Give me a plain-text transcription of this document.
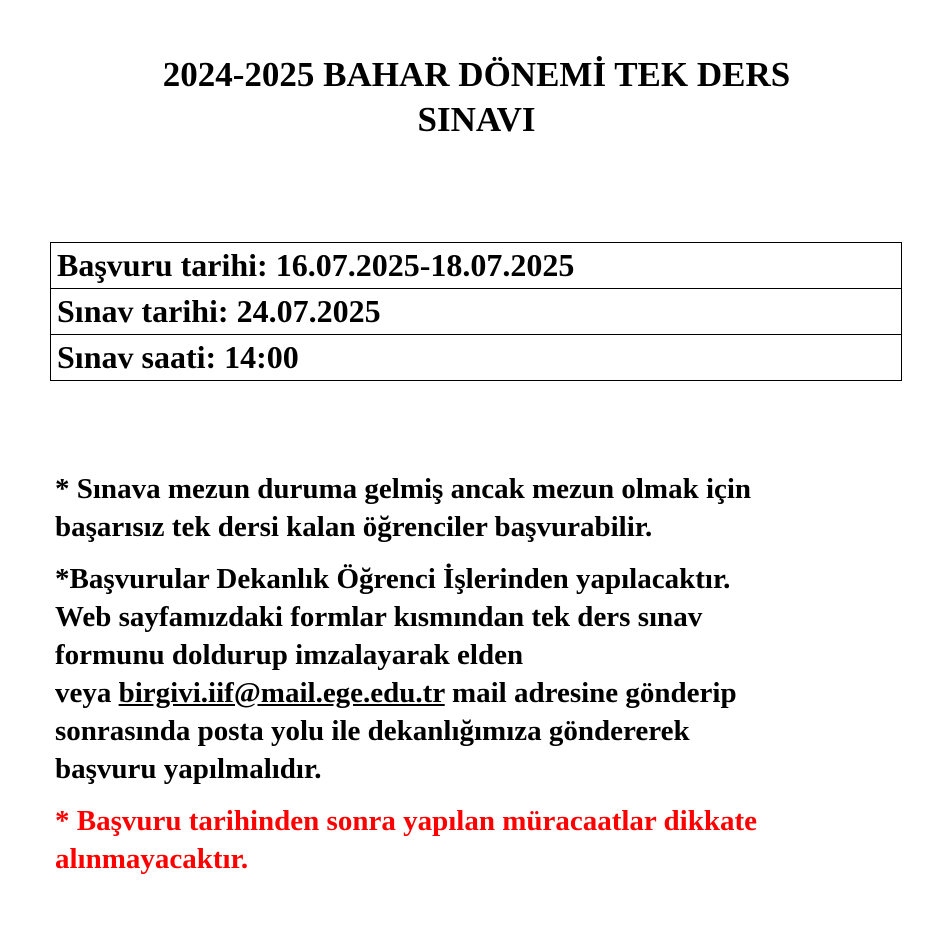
2024-2025 BAHAR DÖNEMİ TEK DERS
SINAVI
Başvuru tarihi: 16.07.2025-18.07.2025
Sınav tarihi: 24.07.2025
Sınav saati: 14:00

* Sınava mezun duruma gelmiş ancak mezun olmak için
başarısız tek dersi kalan öğrenciler başvurabilir.

*Başvurular Dekanlık Öğrenci İşlerinden yapılacaktır.
Web sayfamızdaki formlar kısmından tek ders sınav
formunu doldurup imzalayarak elden
veya birgivi.iif@mail.ege.edu.tr mail adresine gönderip
sonrasında posta yolu ile dekanlığımıza göndererek
başvuru yapılmalıdır.

* Başvuru tarihinden sonra yapılan müracaatlar dikkate
alınmayacaktır.
